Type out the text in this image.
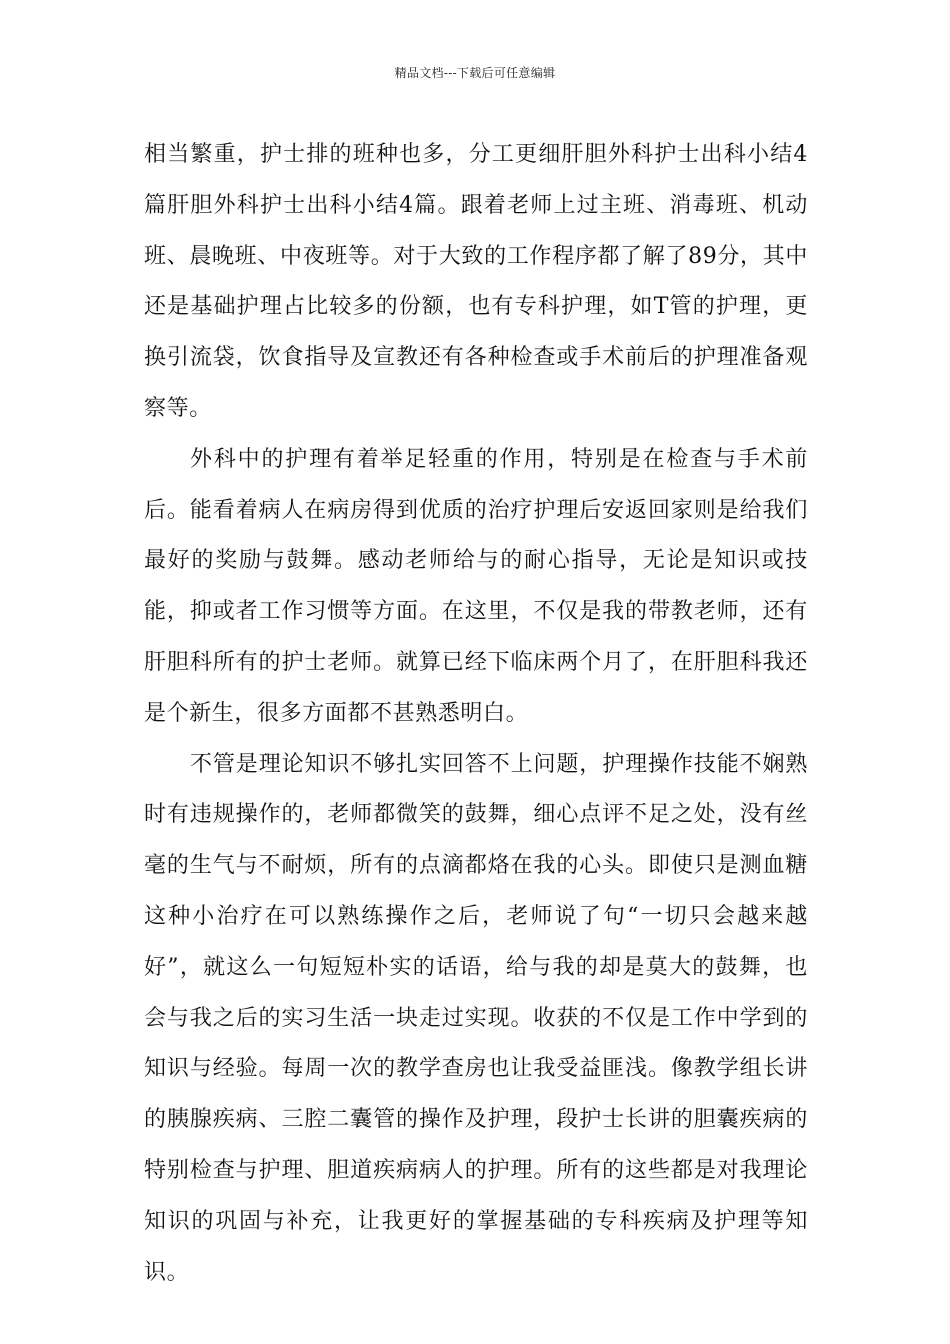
精品文档---下载后可任意编辑

相当繁重，护士排的班种也多，分工更细肝胆外科护士出科小结4篇肝胆外科护士出科小结4篇。跟着老师上过主班、消毒班、机动班、晨晚班、中夜班等。对于大致的工作程序都了解了89分，其中还是基础护理占比较多的份额，也有专科护理，如T管的护理，更换引流袋，饮食指导及宣教还有各种检查或手术前后的护理准备观察等。

外科中的护理有着举足轻重的作用，特别是在检查与手术前后。能看着病人在病房得到优质的治疗护理后安返回家则是给我们最好的奖励与鼓舞。感动老师给与的耐心指导，无论是知识或技能，抑或者工作习惯等方面。在这里，不仅是我的带教老师，还有肝胆科所有的护士老师。就算已经下临床两个月了，在肝胆科我还是个新生，很多方面都不甚熟悉明白。

不管是理论知识不够扎实回答不上问题，护理操作技能不娴熟时有违规操作的，老师都微笑的鼓舞，细心点评不足之处，没有丝毫的生气与不耐烦，所有的点滴都烙在我的心头。即使只是测血糖这种小治疗在可以熟练操作之后，老师说了句“一切只会越来越好”，就这么一句短短朴实的话语，给与我的却是莫大的鼓舞，也会与我之后的实习生活一块走过实现。收获的不仅是工作中学到的知识与经验。每周一次的教学查房也让我受益匪浅。像教学组长讲的胰腺疾病、三腔二囊管的操作及护理，段护士长讲的胆囊疾病的特别检查与护理、胆道疾病病人的护理。所有的这些都是对我理论知识的巩固与补充，让我更好的掌握基础的专科疾病及护理等知识。
